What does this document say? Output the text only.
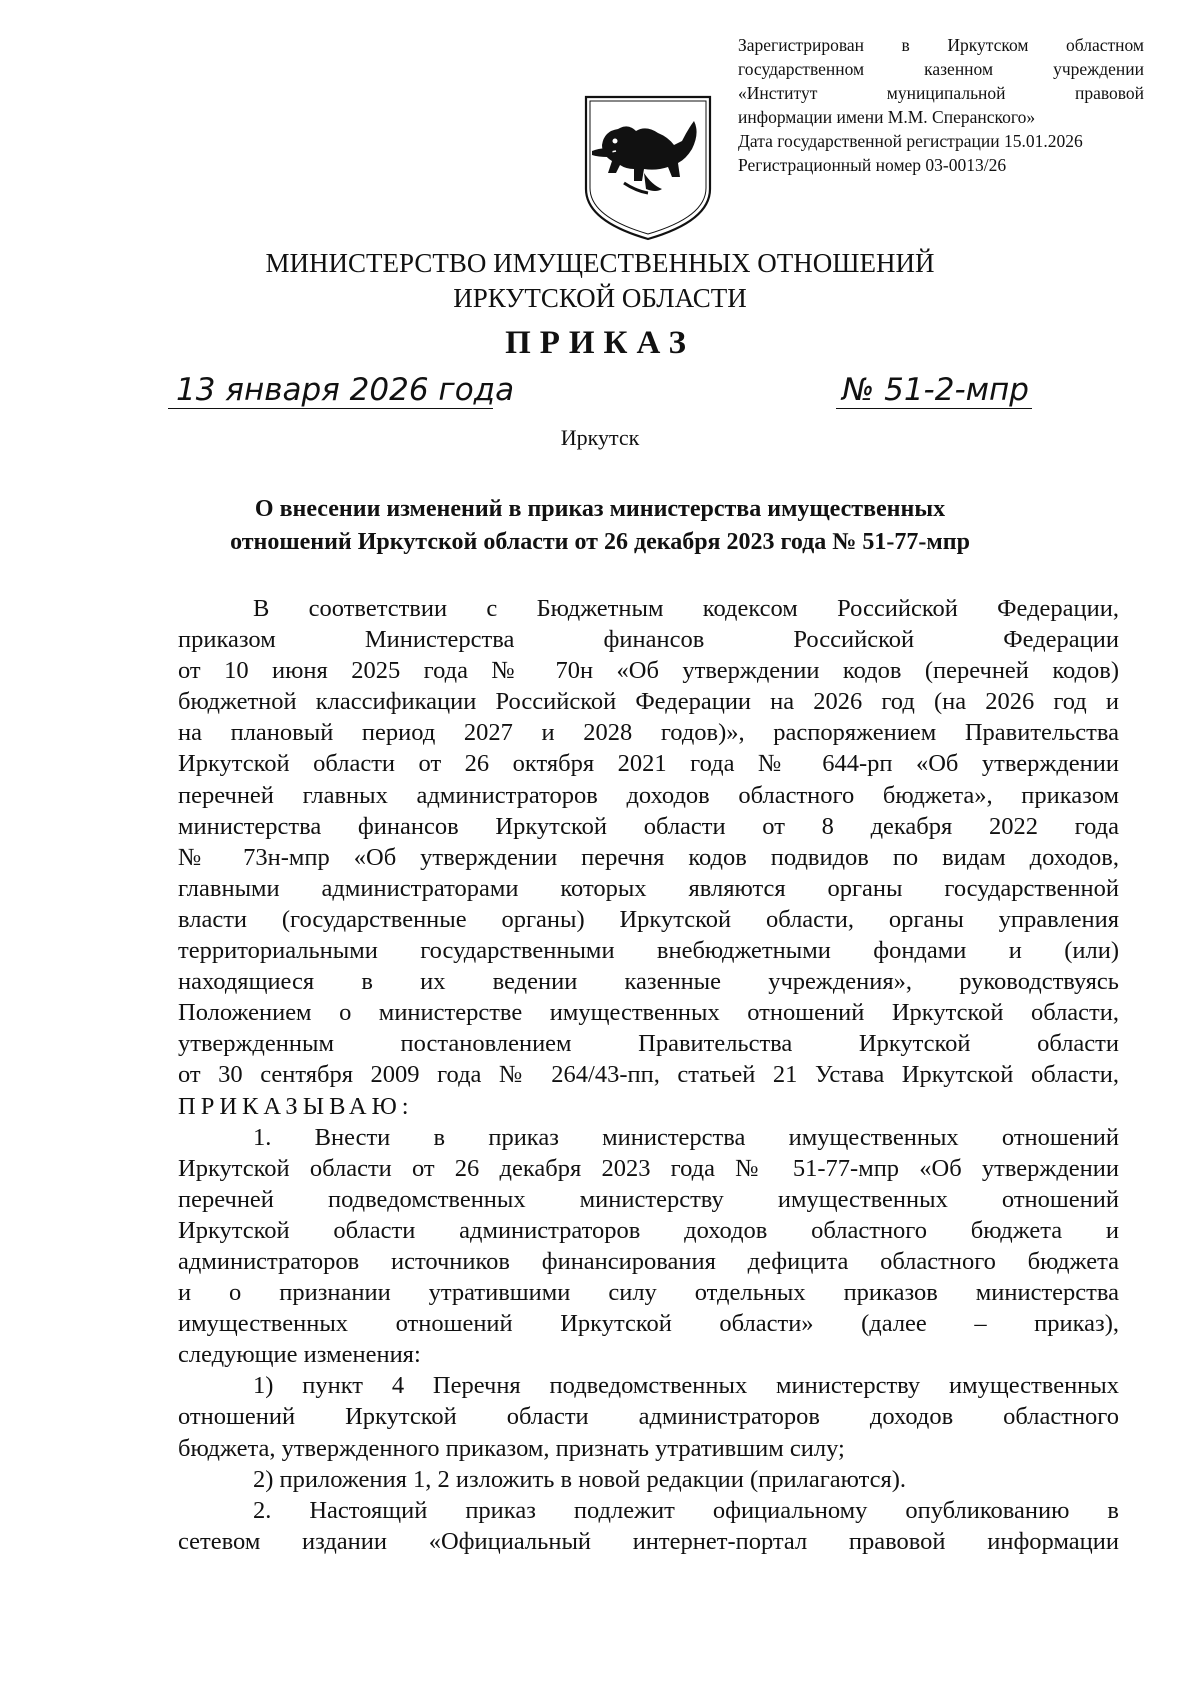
Зарегистрирован в Иркутском областном
государственном казенном учреждении
«Институт муниципальной правовой
информации имени М.М. Сперанского»
Дата государственной регистрации 15.01.2026
Регистрационный номер 03-0013/26
МИНИСТЕРСТВО ИМУЩЕСТВЕННЫХ ОТНОШЕНИЙ
ИРКУТСКОЙ ОБЛАСТИ
ПРИКАЗ
13 января 2026 года	№ 51-2-мпр
Иркутск
О внесении изменений в приказ министерства имущественных
отношений Иркутской области от 26 декабря 2023 года № 51-77-мпр
В соответствии с Бюджетным кодексом Российской Федерации,
приказом Министерства финансов Российской Федерации
от 10 июня 2025 года № 70н «Об утверждении кодов (перечней кодов)
бюджетной классификации Российской Федерации на 2026 год (на 2026 год и
на плановый период 2027 и 2028 годов)», распоряжением Правительства
Иркутской области от 26 октября 2021 года № 644-рп «Об утверждении
перечней главных администраторов доходов областного бюджета», приказом
министерства финансов Иркутской области от 8 декабря 2022 года
№ 73н-мпр «Об утверждении перечня кодов подвидов по видам доходов,
главными администраторами которых являются органы государственной
власти (государственные органы) Иркутской области, органы управления
территориальными государственными внебюджетными фондами и (или)
находящиеся в их ведении казенные учреждения», руководствуясь
Положением о министерстве имущественных отношений Иркутской области,
утвержденным постановлением Правительства Иркутской области
от 30 сентября 2009 года № 264/43-пп, статьей 21 Устава Иркутской области,
ПРИКАЗЫВАЮ:
1. Внести в приказ министерства имущественных отношений
Иркутской области от 26 декабря 2023 года № 51-77-мпр «Об утверждении
перечней подведомственных министерству имущественных отношений
Иркутской области администраторов доходов областного бюджета и
администраторов источников финансирования дефицита областного бюджета
и о признании утратившими силу отдельных приказов министерства
имущественных отношений Иркутской области» (далее – приказ),
следующие изменения:
1) пункт 4 Перечня подведомственных министерству имущественных
отношений Иркутской области администраторов доходов областного
бюджета, утвержденного приказом, признать утратившим силу;
2) приложения 1, 2 изложить в новой редакции (прилагаются).
2. Настоящий приказ подлежит официальному опубликованию в
сетевом издании «Официальный интернет-портал правовой информации
